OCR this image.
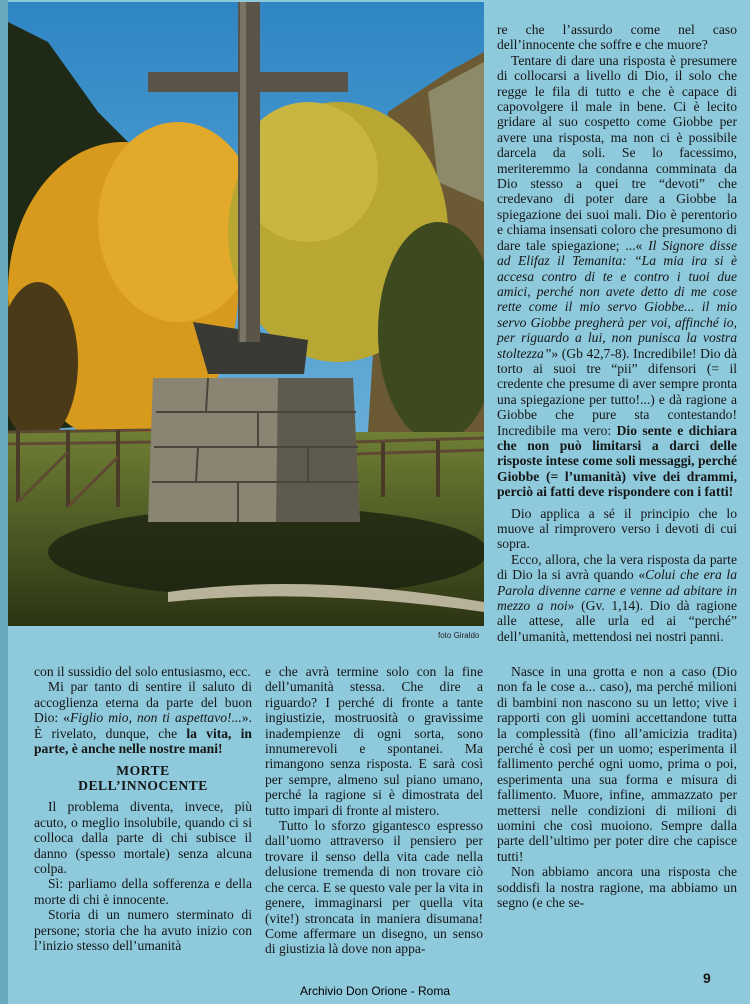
foto Giraldo

re che l’assurdo come nel caso dell’innocente che soffre e che muore?

Tentare di dare una risposta è presumere di collocarsi a livello di Dio, il solo che regge le fila di tutto e che è capace di capovolgere il male in bene. Ci è lecito gridare al suo cospetto come Giobbe per avere una risposta, ma non ci è possibile darcela da soli. Se lo facessimo, meriteremmo la condanna comminata da Dio stesso a quei tre “devoti” che credevano di poter dare a Giobbe la spiegazione dei suoi mali. Dio è perentorio e chiama insensati coloro che presumono di dare tale spiegazione; ...« Il Signore disse ad Elifaz il Temanita: “La mia ira si è accesa contro di te e contro i tuoi due amici, perché non avete detto di me cose rette come il mio servo Giobbe... il mio servo Giobbe pregherà per voi, affinché io, per riguardo a lui, non punisca la vostra stoltezza”» (Gb 42,7-8). Incredibile! Dio dà torto ai suoi tre “pii” difensori (= il credente che presume di aver sempre pronta una spiegazione per tutto!...) e dà ragione a Giobbe che pure sta contestando! Incredibile ma vero: Dio sente e dichiara che non può limitarsi a darci delle risposte intese come soli messaggi, perché Giobbe (= l’umanità) vive dei drammi, perciò ai fatti deve rispondere con i fatti!

Dio applica a sé il principio che lo muove al rimprovero verso i devoti di cui sopra.

Ecco, allora, che la vera risposta da parte di Dio la si avrà quando «Colui che era la Parola divenne carne e venne ad abitare in mezzo a noi» (Gv. 1,14). Dio dà ragione alle attese, alle urla ed ai “perché” dell’umanità, mettendosi nei nostri panni.

con il sussidio del solo entusiasmo, ecc.

Mi par tanto di sentire il saluto di accoglienza eterna da parte del buon Dio: «Figlio mio, non ti aspettavo!...». È rivelato, dunque, che la vita, in parte, è anche nelle nostre mani!

MORTE
DELL’INNOCENTE

Il problema diventa, invece, più acuto, o meglio insolubile, quando ci si colloca dalla parte di chi subisce il danno (spesso mortale) senza alcuna colpa.

Sì: parliamo della sofferenza e della morte di chi è innocente.

Storia di un numero sterminato di persone; storia che ha avuto inizio con l’inizio stesso dell’umanità

e che avrà termine solo con la fine dell’umanità stessa. Che dire a riguardo? I perché di fronte a tante ingiustizie, mostruosità o gravissime inadempienze di ogni sorta, sono innumerevoli e spontanei. Ma rimangono senza risposta. E sarà così per sempre, almeno sul piano umano, perché la ragione si è dimostrata del tutto impari di fronte al mistero.

Tutto lo sforzo gigantesco espresso dall’uomo attraverso il pensiero per trovare il senso della vita cade nella delusione tremenda di non trovare ciò che cerca. E se questo vale per la vita in genere, immaginarsi per quella vita (vite!) stroncata in maniera disumana! Come affermare un disegno, un senso di giustizia là dove non appa-

Nasce in una grotta e non a caso (Dio non fa le cose a... caso), ma perché milioni di bambini non nascono su un letto; vive i rapporti con gli uomini accettandone tutta la complessità (fino all’amicizia tradita) perché è così per un uomo; esperimenta il fallimento perché ogni uomo, prima o poi, esperimenta una sua forma e misura di fallimento. Muore, infine, ammazzato per mettersi nelle condizioni di milioni di uomini che così muoiono. Sempre dalla parte dell’ultimo per poter dire che capisce tutti!

Non abbiamo ancora una risposta che soddisfi la nostra ragione, ma abbiamo un segno (e che se-

9
Archivio Don Orione - Roma
